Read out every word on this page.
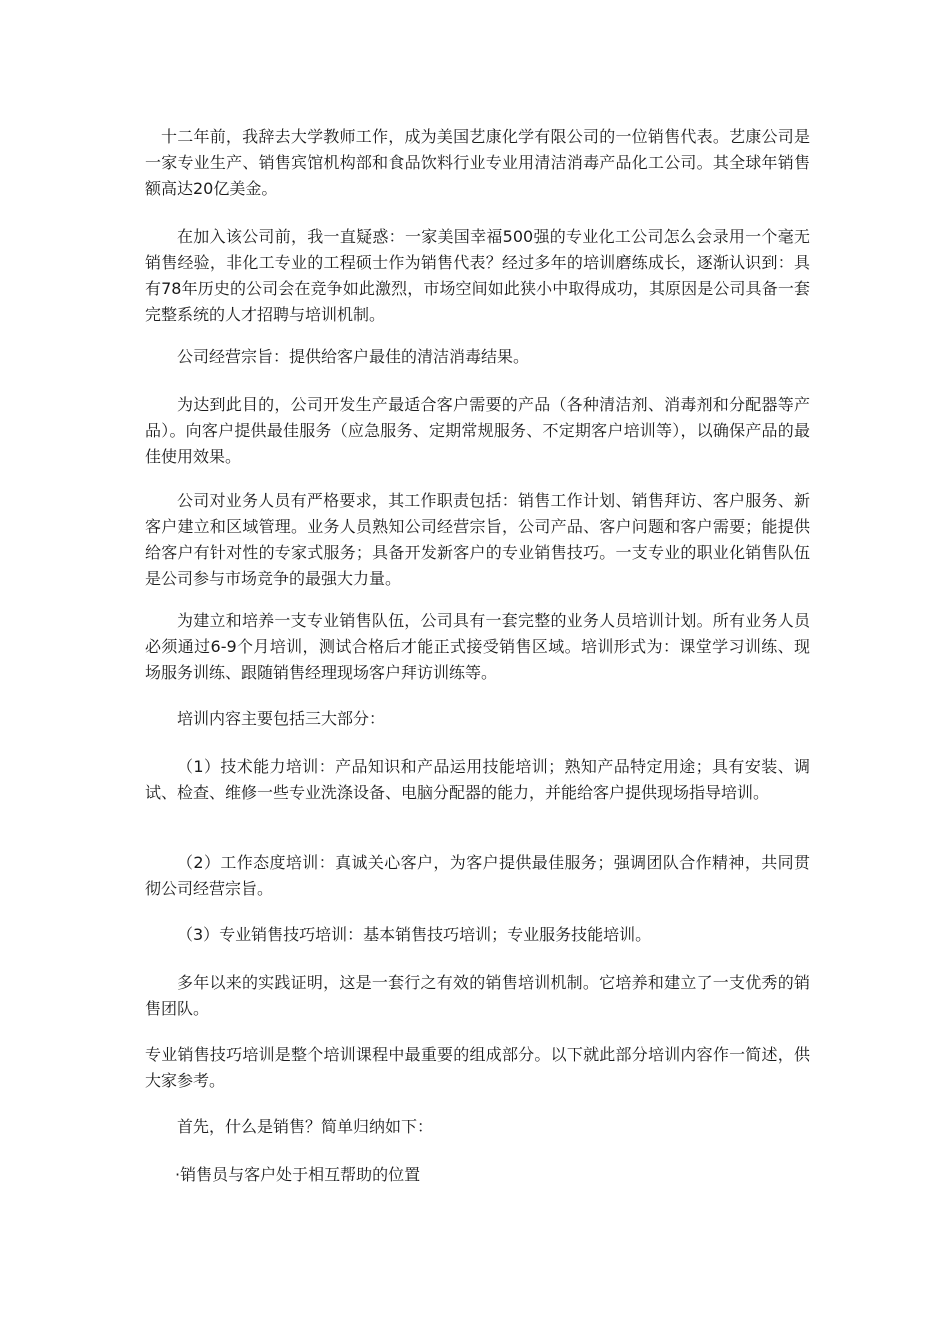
十二年前，我辞去大学教师工作，成为美国艺康化学有限公司的一位销售代表。艺康公司是一家专业生产、销售宾馆机构部和食品饮料行业专业用清洁消毒产品化工公司。其全球年销售额高达20亿美金。

在加入该公司前，我一直疑惑：一家美国幸福500强的专业化工公司怎么会录用一个毫无销售经验，非化工专业的工程硕士作为销售代表？经过多年的培训磨练成长，逐渐认识到：具有78年历史的公司会在竞争如此激烈，市场空间如此狭小中取得成功，其原因是公司具备一套完整系统的人才招聘与培训机制。

公司经营宗旨：提供给客户最佳的清洁消毒结果。

为达到此目的，公司开发生产最适合客户需要的产品（各种清洁剂、消毒剂和分配器等产品）。向客户提供最佳服务（应急服务、定期常规服务、不定期客户培训等），以确保产品的最佳使用效果。

公司对业务人员有严格要求，其工作职责包括：销售工作计划、销售拜访、客户服务、新客户建立和区域管理。业务人员熟知公司经营宗旨，公司产品、客户问题和客户需要；能提供给客户有针对性的专家式服务；具备开发新客户的专业销售技巧。一支专业的职业化销售队伍是公司参与市场竞争的最强大力量。

为建立和培养一支专业销售队伍，公司具有一套完整的业务人员培训计划。所有业务人员必须通过6-9个月培训，测试合格后才能正式接受销售区域。培训形式为：课堂学习训练、现场服务训练、跟随销售经理现场客户拜访训练等。

培训内容主要包括三大部分：

（1）技术能力培训：产品知识和产品运用技能培训；熟知产品特定用途；具有安装、调试、检查、维修一些专业洗涤设备、电脑分配器的能力，并能给客户提供现场指导培训。

（2）工作态度培训：真诚关心客户，为客户提供最佳服务；强调团队合作精神，共同贯彻公司经营宗旨。

（3）专业销售技巧培训：基本销售技巧培训；专业服务技能培训。

多年以来的实践证明，这是一套行之有效的销售培训机制。它培养和建立了一支优秀的销售团队。

专业销售技巧培训是整个培训课程中最重要的组成部分。以下就此部分培训内容作一简述，供大家参考。

首先，什么是销售？简单归纳如下：

·销售员与客户处于相互帮助的位置
